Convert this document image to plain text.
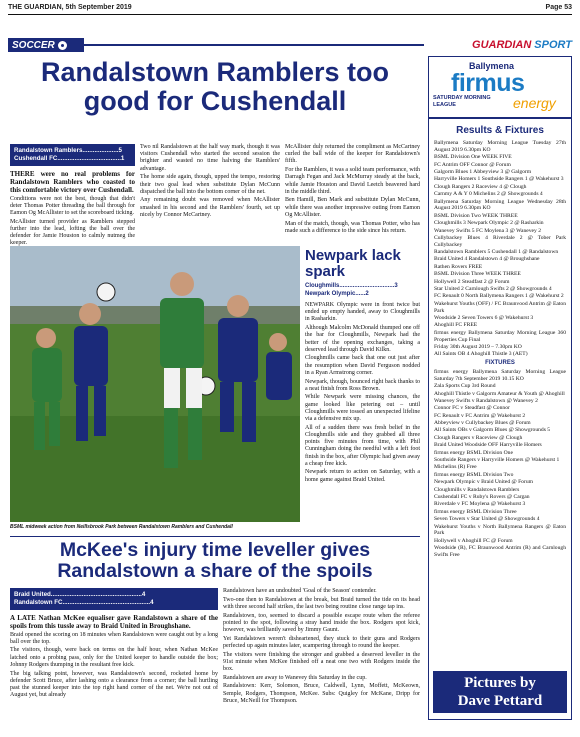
THE GUARDIAN, 5th September 2019	Page 53
SOCCER	GUARDIAN SPORT
Randalstown Ramblers too good for Cushendall
Randalstown Ramblers.....................5
Cushendall FC.....................................1

THERE were no real problems for Randalstown Ramblers who coasted to this comfortable victory over Cushendall.

Conditions were not the best, though that didn't deter Thomas Potter threading the ball through for Eamon Og McAllister to set the scoreboard ticking.

McAllister turned provider as Ramblers stepped further into the lead, lofting the ball over the defender for Jamie Houston to calmly nutmeg the keeper.

Two nil Randalstown at the half way mark, though it was visitors Cushendall who started the second session the brighter and wasted no time halving the Ramblers' advantage.

The home side again, though, upped the tempo, restoring their two goal lead when substitute Dylan McCunn dispatched the ball into the bottom corner of the net.

Any remaining doubt was removed when McAllister smashed in his second and the Ramblers' fourth, set up nicely by Connor McCartney.

McAllister duly returned the compliment as McCartney curled the ball wide of the keeper for Randalstown's fifth.

For the Ramblers, it was a solid team performance, with Darragh Fegan and Jack McMurray steady at the back, while Jamie Houston and David Leetch beavered hard in the middle third.

Ben Hamill, Ben Mark and substitute Dylan McCunn, while there was another impressive outing from Eamon Og McAllister.

Man of the match, though, was Thomas Potter, who has made such a difference to the side since his return.

BSML midweek action from Neillsbrook Park between Randalstown Ramblers and Cushendall
Newpark lack spark
Cloughmills.................................3
Newpark Olympic......2

NEWPARK Olympic were in front twice but ended up empty handed, away to Cloughmills in Rasharkin.

Although Malcolm McDonald thumped one off the bar for Cloughmills, Newpark had the better of the opening exchanges, taking a deserved lead through David Kilkn.

Cloughmills came back that one out just after the resumption when David Ferguson nodded in a Ryan Armstrong corner.

Newpark, though, bounced right back thanks to a neat finish from Ross Brown.

While Newpark were missing chances, the game looked like petering out – until Cloughmills were tossed an unexpected lifeline via a defensive mix up.

All of a sudden there was fresh belief in the Cloughmills side and they grabbed all three points five minutes from time, with Phil Cunningham doing the needful with a left foot finish in the box, after Olympic had given away a cheap free kick.

Newpark return to action on Saturday, with a home game against Braid United.

McKee's injury time leveller gives Randalstown a share of the spoils
Braid United.....................................................4
Randalstown FC...................................................4

A LATE Nathan McKee equaliser gave Randalstown a share of the spoils from this tussle away to Braid United in Broughshane.

Braid opened the scoring on 18 minutes when Randalstown were caught out by a long ball over the top.

The visitors, though, were back on terms on the half hour, when Nathan McKee latched onto a probing pass, only for the United keeper to handle outside the box; Johnny Rodgers thumping in the resultant free kick.

The big talking point, however, was Randalstown's second, rocketed home by defender Scott Bruce, after lashing onto a clearance from a corner; the ball hurtling past the stunned keeper into the top right hand corner of the net. We're not out of August yet, but already

Randalstown have an undoubted 'Goal of the Season' contender.

Two-one then to Randalstown at the break, but Braid turned the tide on its head with three second half strikes, the last two being routine close range tap ins.

Randalstown, too, seemed to discard a possible escape route when the referee pointed to the spot, following a stray hand inside the box. Rodgers spot kick, however, was brilliantly saved by Jimmy Gaunt.

Yet Randalstown weren't disheartened, they stuck to their guns and Rodgers perfected up again minutes later, scampering through to round the keeper.

The visitors were finishing the stronger and grabbed a deserved leveller in the 91st minute when McKee finished off a neat one two with Rodgers inside the box.

Randalstown are away to Wanevey this Saturday in the cup.

Randalstown: Kerr, Solomon, Bruce, Caldwell, Lynn, Moffett, McKeown, Semple, Rodgers, Thompson, McKee. Subs: Quigley for McKane, Dripp for Bruce, McNeill for Thompson.

Ballymena
firmus
energy
SATURDAY MORNING LEAGUE
Results & Fixtures

Ballymena Saturday Morning League Tuesday 27th August 2019 6.30pm KO

BSML Division One WEEK FIVE

FC Antrim OFF Connor @ Forum

Galgorm Blues 1 Abbeyview 3 @ Galgorm

Harryville Homers 1 Southside Rangers 1 @ Wakehurst 3

Clough Rangers 2 Raceview 4 @ Clough

Carnmy A & Y 0 Michelins 2 @ Showgrounds 4

Ballymena Saturday Morning League Wednesday 28th August 2019 6.30pm KO

BSML Division Two WEEK THREE

Cloughmills 3 Newpark Olympic 2 @ Rasharkin

Wanevey Swifts 5 FC Moylena 3 @ Wanevey 2

Cullybackey Blues 4 Riverdale 2 @ Tober Park Cullybackey

Randalstown Ramblers 5 Cushendall 1 @ Randalstown

Braid United 4 Randalstown 4 @ Broughshane

Rathen Rovers FREE

BSML Division Three WEEK THREE

Hollywell 2 Steadfast 2 @ Forum

Star United 2 Carnlough Swifts 2 @ Showgrounds 4

FC Renault 0 North Ballymena Rangers 1 @ Wakehurst 2

Wakehurst Youths (OFF) / FC Braunvood Antrim @ Eaton Park

Woodside 2 Seven Towers 6 @ Wakehurst 3

Ahoghill FC FREE

firmus energy Ballymena Saturday Morning League 360 Properties Cup Final

Friday 30th August 2019 – 7.30pm KO

All Saints OB 4 Ahoghill Thistle 3 (AET)

FIXTURES

firmus energy Ballymena Saturday Morning League Saturday 7th September 2019 10.15 KO

Zala Sports Cup 3rd Round

Ahoghill Thistle v Galgorm Amateur & Youth @ Ahoghill

Wanevey Swifts v Randalstown @ Wanevey 2

Connor FC v Steadfast @ Connor

FC Renault v FC Antrim @ Wakehurst 2

Abbeyview v Cullybackey Blues @ Forum

All Saints OBs v Galgorm Blues @ Showgrounds 5

Clough Rangers v Raceview @ Clough

Braid United Woodside OFF Harryville Homers

firmus energy BSML Division One

Southside Rangers v Harryville Homers @ Wakehurst 1

Michelins (R) Free

firmus energy BSML Division Two

Newpark Olympic v Braid United @ Forum

Cloughmills v Randalstown Ramblers

Cushendall FC v Ruby's Rovers @ Cargan

Riverdale v FC Moylena @ Wakehurst 3

firmus energy BSML Division Three

Seven Towers v Star United @ Showgrounds 4

Wakehurst Youths v North Ballymena Rangers @ Eaton Park

Hollywell v Ahoghill FC @ Forum

Woodside (R), FC Braunwood Antrim (R) and Carnlough Swifts Free

Pictures by
Dave Pettard
